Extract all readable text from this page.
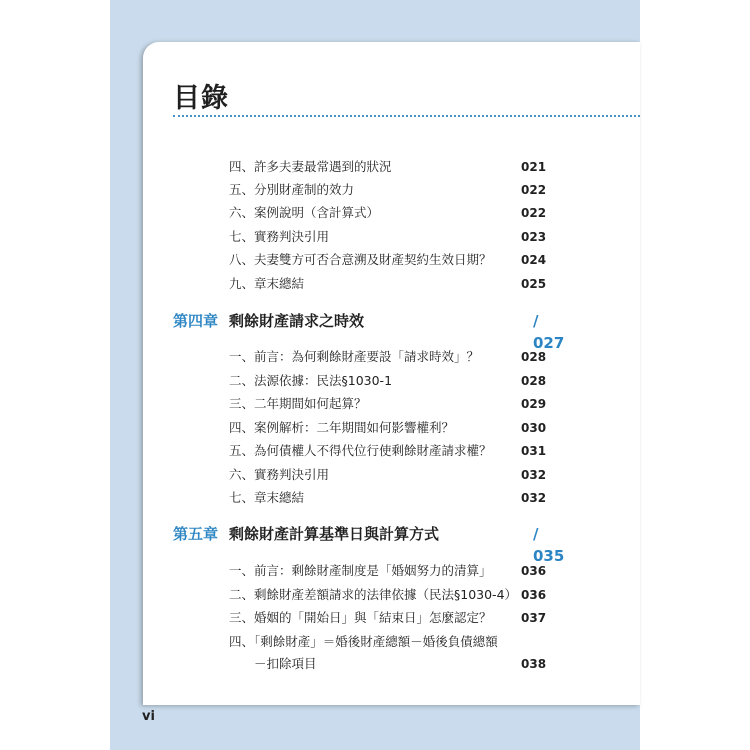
目錄
四、許多夫妻最常遇到的狀況	021
五、分別財產制的效力	022
六、案例說明（含計算式）	022
七、實務判決引用	023
八、夫妻雙方可否合意溯及財產契約生效日期？ 024
九、章末總結	025
第四章 剩餘財產請求之時效	/ 027
一、前言：為何剩餘財產要設「請求時效」？	028
二、法源依據：民法§1030-1	028
三、二年期間如何起算？	029
四、案例解析：二年期間如何影響權利？	030
五、為何債權人不得代位行使剩餘財產請求權？ 031
六、實務判決引用	032
七、章末總結	032
第五章 剩餘財產計算基準日與計算方式	/ 035
一、前言：剩餘財產制度是「婚姻努力的清算」 036
二、剩餘財產差額請求的法律依據（民法§1030-4） 036
三、婚姻的「開始日」與「結束日」怎麼認定？ 037
四、「剩餘財產」＝婚後財產總額－婚後負債總額
　　－扣除項目	038
vi
